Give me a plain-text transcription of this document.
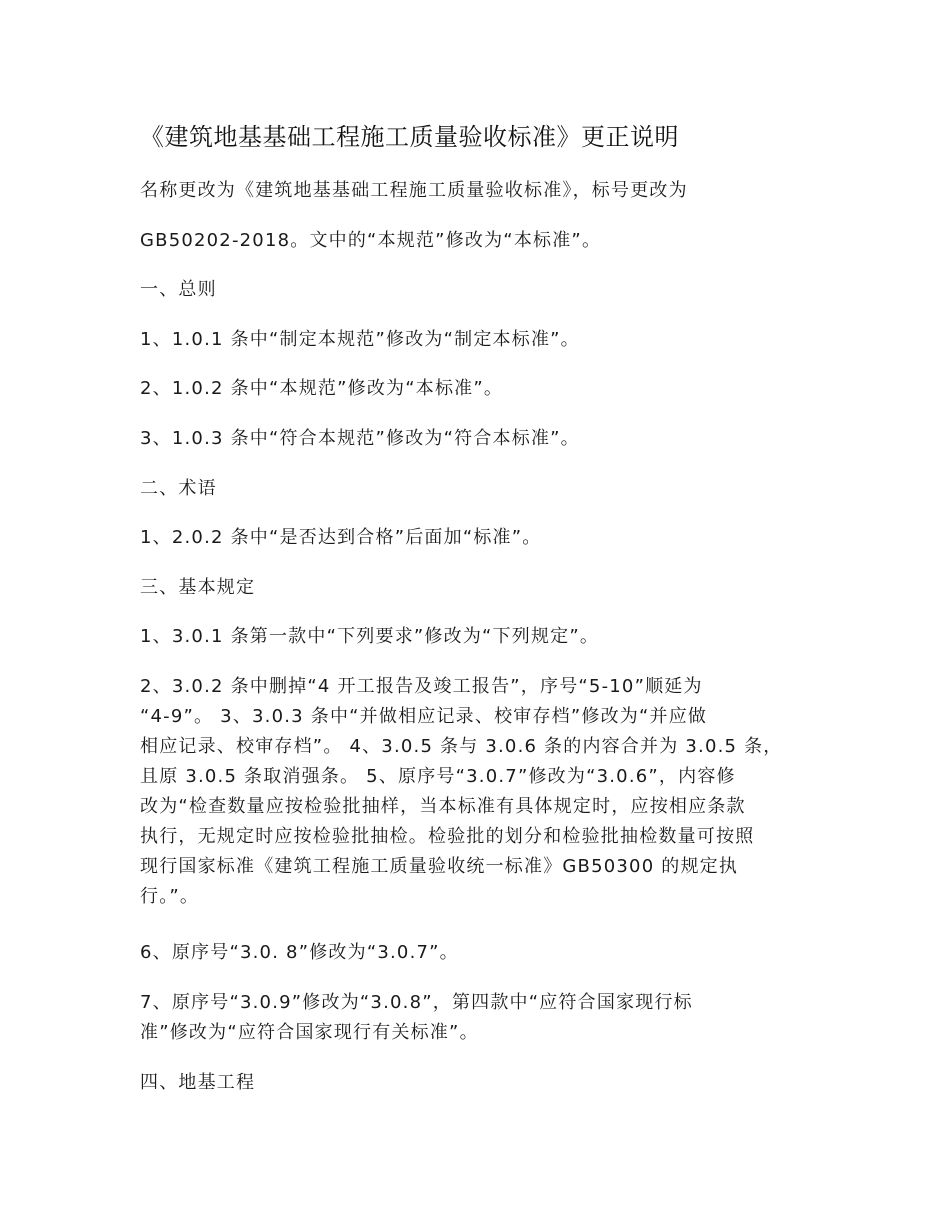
《建筑地基基础工程施工质量验收标准》更正说明
名称更改为《建筑地基基础工程施工质量验收标准》，标号更改为
GB50202-2018。文中的“本规范”修改为“本标准”。
一、总则
1、1.0.1 条中“制定本规范”修改为“制定本标准”。
2、1.0.2 条中“本规范”修改为“本标准”。
3、1.0.3 条中“符合本规范”修改为“符合本标准”。
二、术语
1、2.0.2 条中“是否达到合格”后面加“标准”。
三、基本规定
1、3.0.1 条第一款中“下列要求”修改为“下列规定”。
2、3.0.2 条中删掉“4 开工报告及竣工报告”，序号“5-10”顺延为
“4-9”。 3、3.0.3 条中“并做相应记录、校审存档”修改为“并应做
相应记录、校审存档”。 4、3.0.5 条与 3.0.6 条的内容合并为 3.0.5 条，
且原 3.0.5 条取消强条。 5、原序号“3.0.7”修改为“3.0.6”，内容修
改为“检查数量应按检验批抽样，当本标准有具体规定时，应按相应条款
执行，无规定时应按检验批抽检。检验批的划分和检验批抽检数量可按照
现行国家标准《建筑工程施工质量验收统一标准》GB50300 的规定执
行。”。
6、原序号“3.0. 8”修改为“3.0.7”。
7、原序号“3.0.9”修改为“3.0.8”，第四款中“应符合国家现行标
准”修改为“应符合国家现行有关标准”。
四、地基工程
